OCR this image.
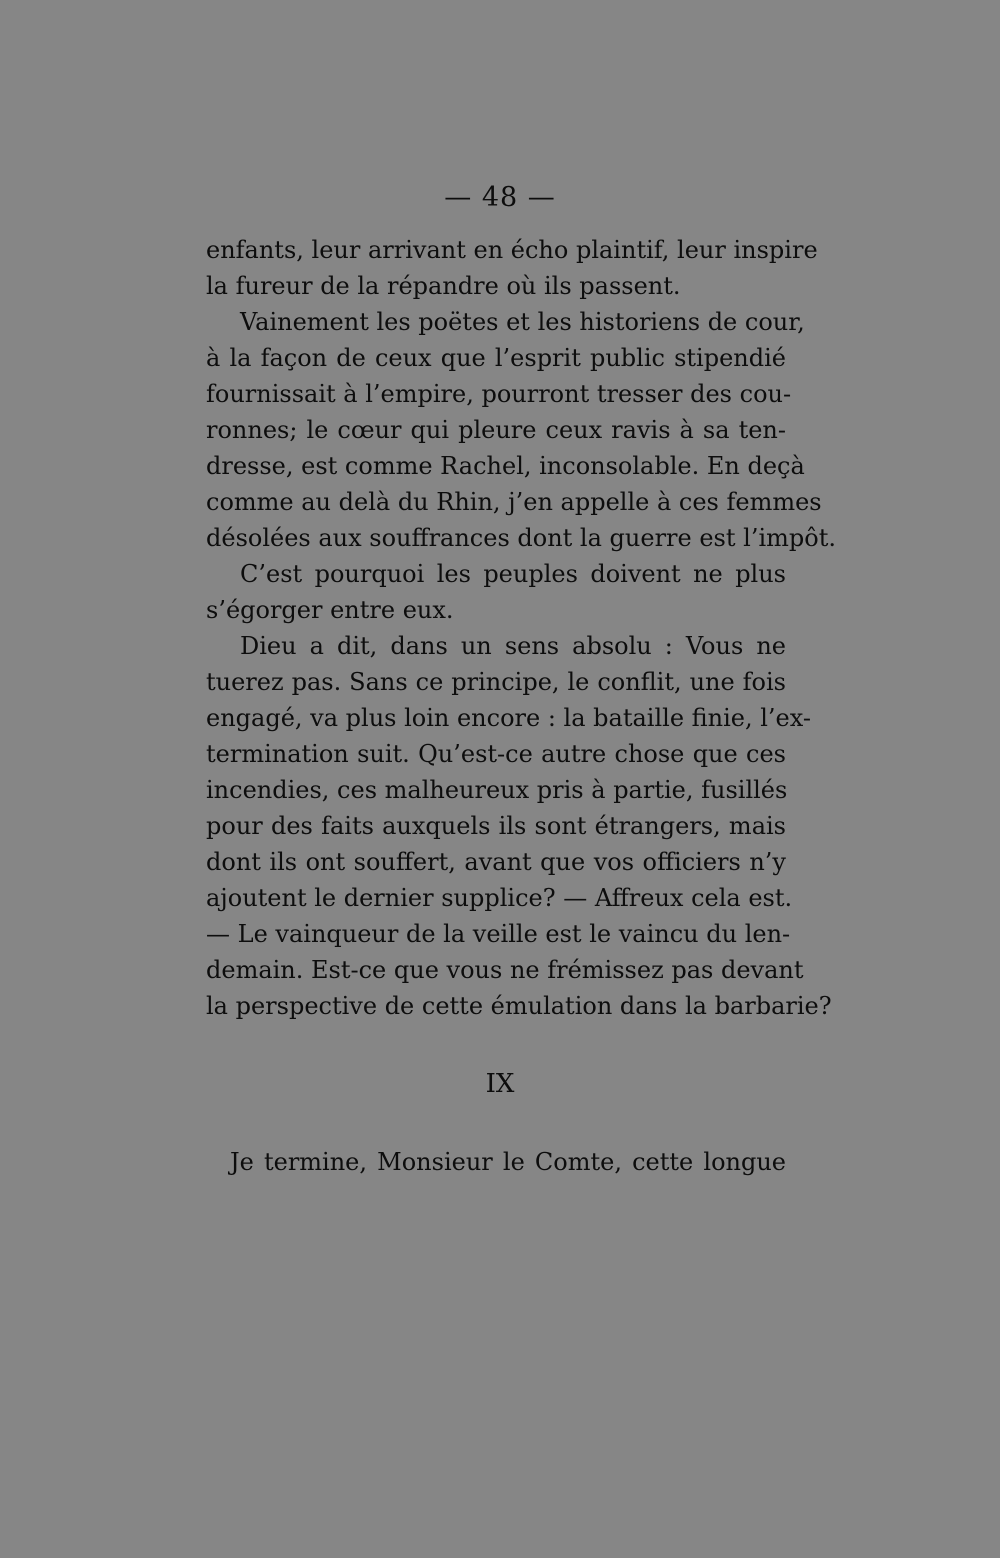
— 48 —
enfants, leur arrivant en écho plaintif, leur inspire
la fureur de la répandre où ils passent.
Vainement les poëtes et les historiens de cour,
à la façon de ceux que l’esprit public stipendié
fournissait à l’empire, pourront tresser des cou-
ronnes; le cœur qui pleure ceux ravis à sa ten-
dresse, est comme Rachel, inconsolable. En deçà
comme au delà du Rhin, j’en appelle à ces femmes
désolées aux souffrances dont la guerre est l’impôt.
C’est pourquoi les peuples doivent ne plus
s’égorger entre eux.
Dieu a dit, dans un sens absolu : Vous ne
tuerez pas. Sans ce principe, le conflit, une fois
engagé, va plus loin encore : la bataille finie, l’ex-
termination suit. Qu’est-ce autre chose que ces
incendies, ces malheureux pris à partie, fusillés
pour des faits auxquels ils sont étrangers, mais
dont ils ont souffert, avant que vos officiers n’y
ajoutent le dernier supplice? — Affreux cela est.
— Le vainqueur de la veille est le vaincu du len-
demain. Est-ce que vous ne frémissez pas devant
la perspective de cette émulation dans la barbarie?
IX
Je termine, Monsieur le Comte, cette longue
